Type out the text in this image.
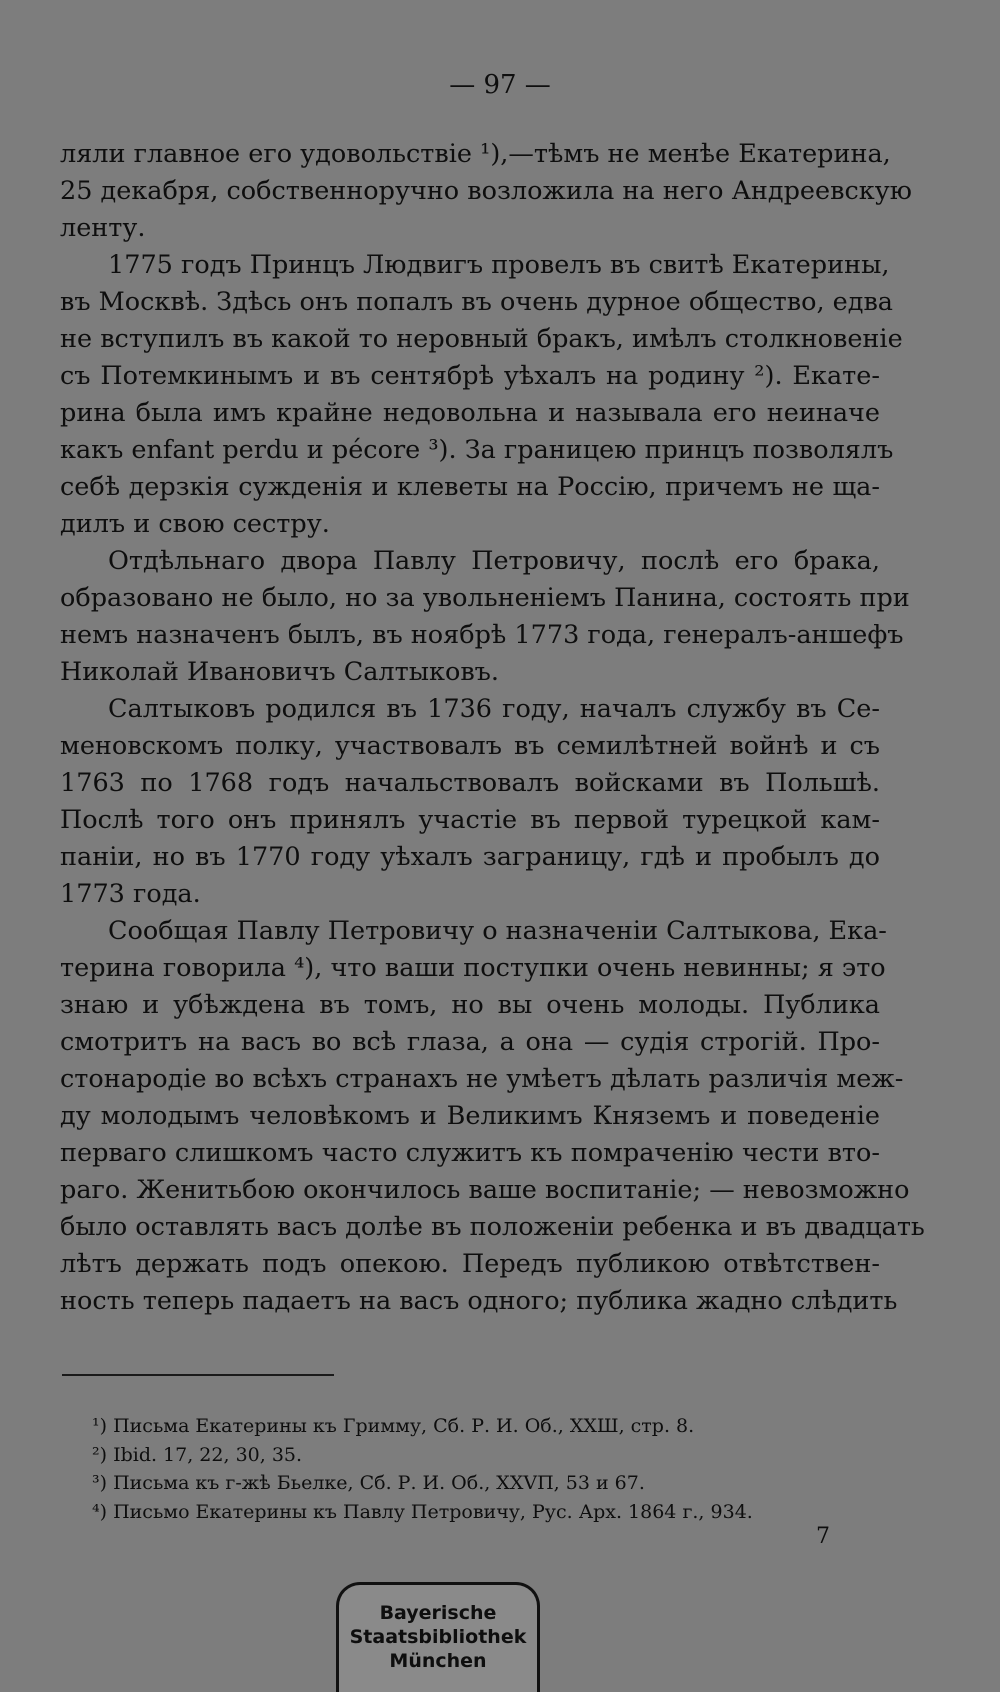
— 97 —
ляли главное его удовольствіе ¹),—тѣмъ не менѣе Екатерина,
25 декабря, собственноручно возложила на него Андреевскую
ленту.
1775 годъ Принцъ Людвигъ провелъ въ свитѣ Екатерины,
въ Москвѣ. Здѣсь онъ попалъ въ очень дурное общество, едва
не вступилъ въ какой то неровный бракъ, имѣлъ столкновеніе
съ Потемкинымъ и въ сентябрѣ уѣхалъ на родину ²). Екате-
рина была имъ крайне недовольна и называла его неиначе
какъ enfant perdu и pécore ³). За границею принцъ позволялъ
себѣ дерзкія сужденія и клеветы на Россію, причемъ не ща-
дилъ и свою сестру.
Отдѣльнаго двора Павлу Петровичу, послѣ его брака,
образовано не было, но за увольненіемъ Панина, состоять при
немъ назначенъ былъ, въ ноябрѣ 1773 года, генералъ-аншефъ
Николай Ивановичъ Салтыковъ.
Салтыковъ родился въ 1736 году, началъ службу въ Се-
меновскомъ полку, участвовалъ въ семилѣтней войнѣ и съ
1763 по 1768 годъ начальствовалъ войсками въ Польшѣ.
Послѣ того онъ принялъ участіе въ первой турецкой кам-
паніи, но въ 1770 году уѣхалъ заграницу, гдѣ и пробылъ до
1773 года.
Сообщая Павлу Петровичу о назначеніи Салтыкова, Ека-
терина говорила ⁴), что ваши поступки очень невинны; я это
знаю и убѣждена въ томъ, но вы очень молоды. Публика
смотритъ на васъ во всѣ глаза, а она — судія строгій. Про-
стонародіе во всѣхъ странахъ не умѣетъ дѣлать различія меж-
ду молодымъ человѣкомъ и Великимъ Княземъ и поведеніе
перваго слишкомъ часто служитъ къ помраченію чести вто-
раго. Женитьбою окончилось ваше воспитаніе; — невозможно
было оставлять васъ долѣе въ положеніи ребенка и въ двадцать
лѣтъ держать подъ опекою. Передъ публикою отвѣтствен-
ность теперь падаетъ на васъ одного; публика жадно слѣдить
¹) Письма Екатерины къ Гримму, Сб. Р. И. Об., ХХШ, стр. 8.
²) Ibid. 17, 22, 30, 35.
³) Письма къ г-жѣ Бьелке, Сб. Р. И. Об., ХХVП, 53 и 67.
⁴) Письмо Екатерины къ Павлу Петровичу, Рус. Арх. 1864 г., 934.
7
Bayerische
Staatsbibliothek
München
